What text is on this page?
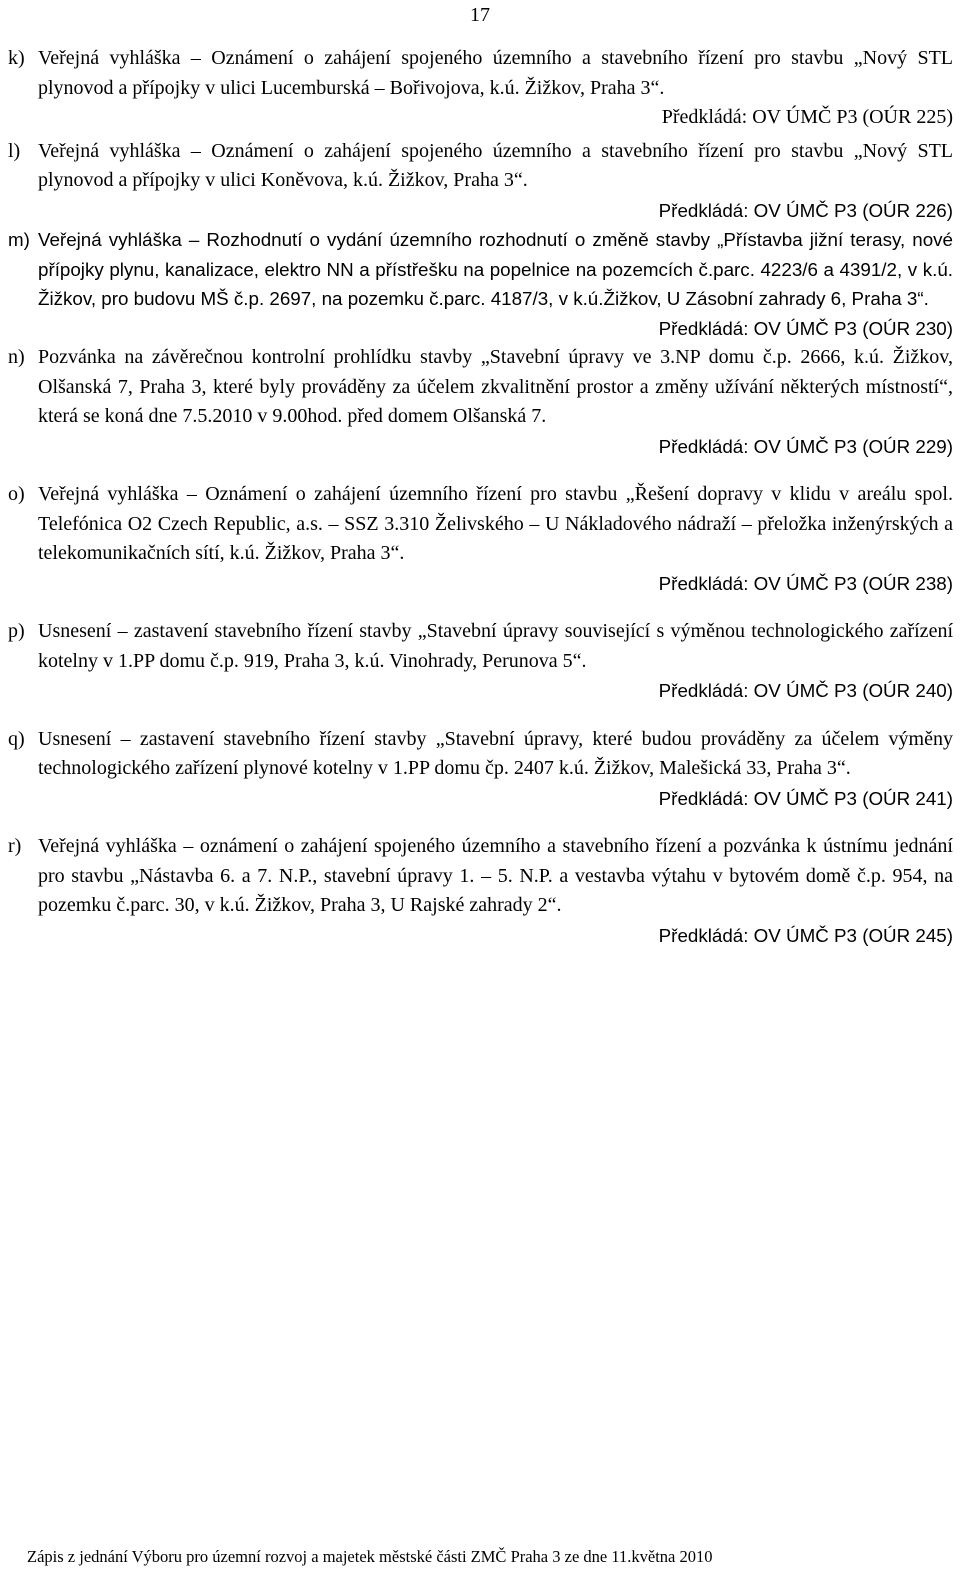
17
k) Veřejná vyhláška – Oznámení o zahájení spojeného územního a stavebního řízení pro stavbu „Nový STL plynovod a přípojky v ulici Lucemburská – Bořivojova, k.ú. Žižkov, Praha 3“.
Předkládá: OV ÚMČ P3 (OÚR 225)
l) Veřejná vyhláška – Oznámení o zahájení spojeného územního a stavebního řízení pro stavbu „Nový STL plynovod a přípojky v ulici Koněvova, k.ú. Žižkov, Praha 3“.
Předkládá: OV ÚMČ P3 (OÚR 226)
m) Veřejná vyhláška – Rozhodnutí o vydání územního rozhodnutí o změně stavby „Přístavba jižní terasy, nové přípojky plynu, kanalizace, elektro NN a přístřešku na popelnice na pozemcích č.parc. 4223/6 a 4391/2, v k.ú. Žižkov, pro budovu MŠ č.p. 2697, na pozemku č.parc. 4187/3, v k.ú.Žižkov, U Zásobní zahrady 6, Praha 3“.
Předkládá: OV ÚMČ P3 (OÚR 230)
n) Pozvánka na závěrečnou kontrolní prohlídku stavby „Stavební úpravy ve 3.NP domu č.p. 2666, k.ú. Žižkov, Olšanská 7, Praha 3, které byly prováděny za účelem zkvalitnění prostor a změny užívání některých místností“, která se koná dne 7.5.2010 v 9.00hod. před domem Olšanská 7.
Předkládá: OV ÚMČ P3 (OÚR 229)
o) Veřejná vyhláška – Oznámení o zahájení územního řízení pro stavbu „Řešení dopravy v klidu v areálu spol. Telefónica O2 Czech Republic, a.s. – SSZ 3.310 Želivského – U Nákladového nádraží – přeložka inženýrských a telekomunikačních sítí, k.ú. Žižkov, Praha 3“.
Předkládá: OV ÚMČ P3 (OÚR 238)
p) Usnesení – zastavení stavebního řízení stavby „Stavební úpravy související s výměnou technologického zařízení kotelny v 1.PP domu č.p. 919, Praha 3, k.ú. Vinohrady, Perunova 5“.
Předkládá: OV ÚMČ P3 (OÚR 240)
q) Usnesení – zastavení stavebního řízení stavby „Stavební úpravy, které budou prováděny za účelem výměny technologického zařízení plynové kotelny v 1.PP domu čp. 2407 k.ú. Žižkov, Malešická 33, Praha 3“.
Předkládá: OV ÚMČ P3 (OÚR 241)
r) Veřejná vyhláška – oznámení o zahájení spojeného územního a stavebního řízení a pozvánka k ústnímu jednání pro stavbu „Nástavba 6. a 7. N.P., stavební úpravy 1. – 5. N.P. a vestavba výtahu v bytovém domě č.p. 954, na pozemku č.parc. 30, v k.ú. Žižkov, Praha 3, U Rajské zahrady 2“.
Předkládá: OV ÚMČ P3 (OÚR 245)
Zápis z jednání Výboru pro územní rozvoj a majetek městské části ZMČ Praha 3 ze dne 11.května 2010
